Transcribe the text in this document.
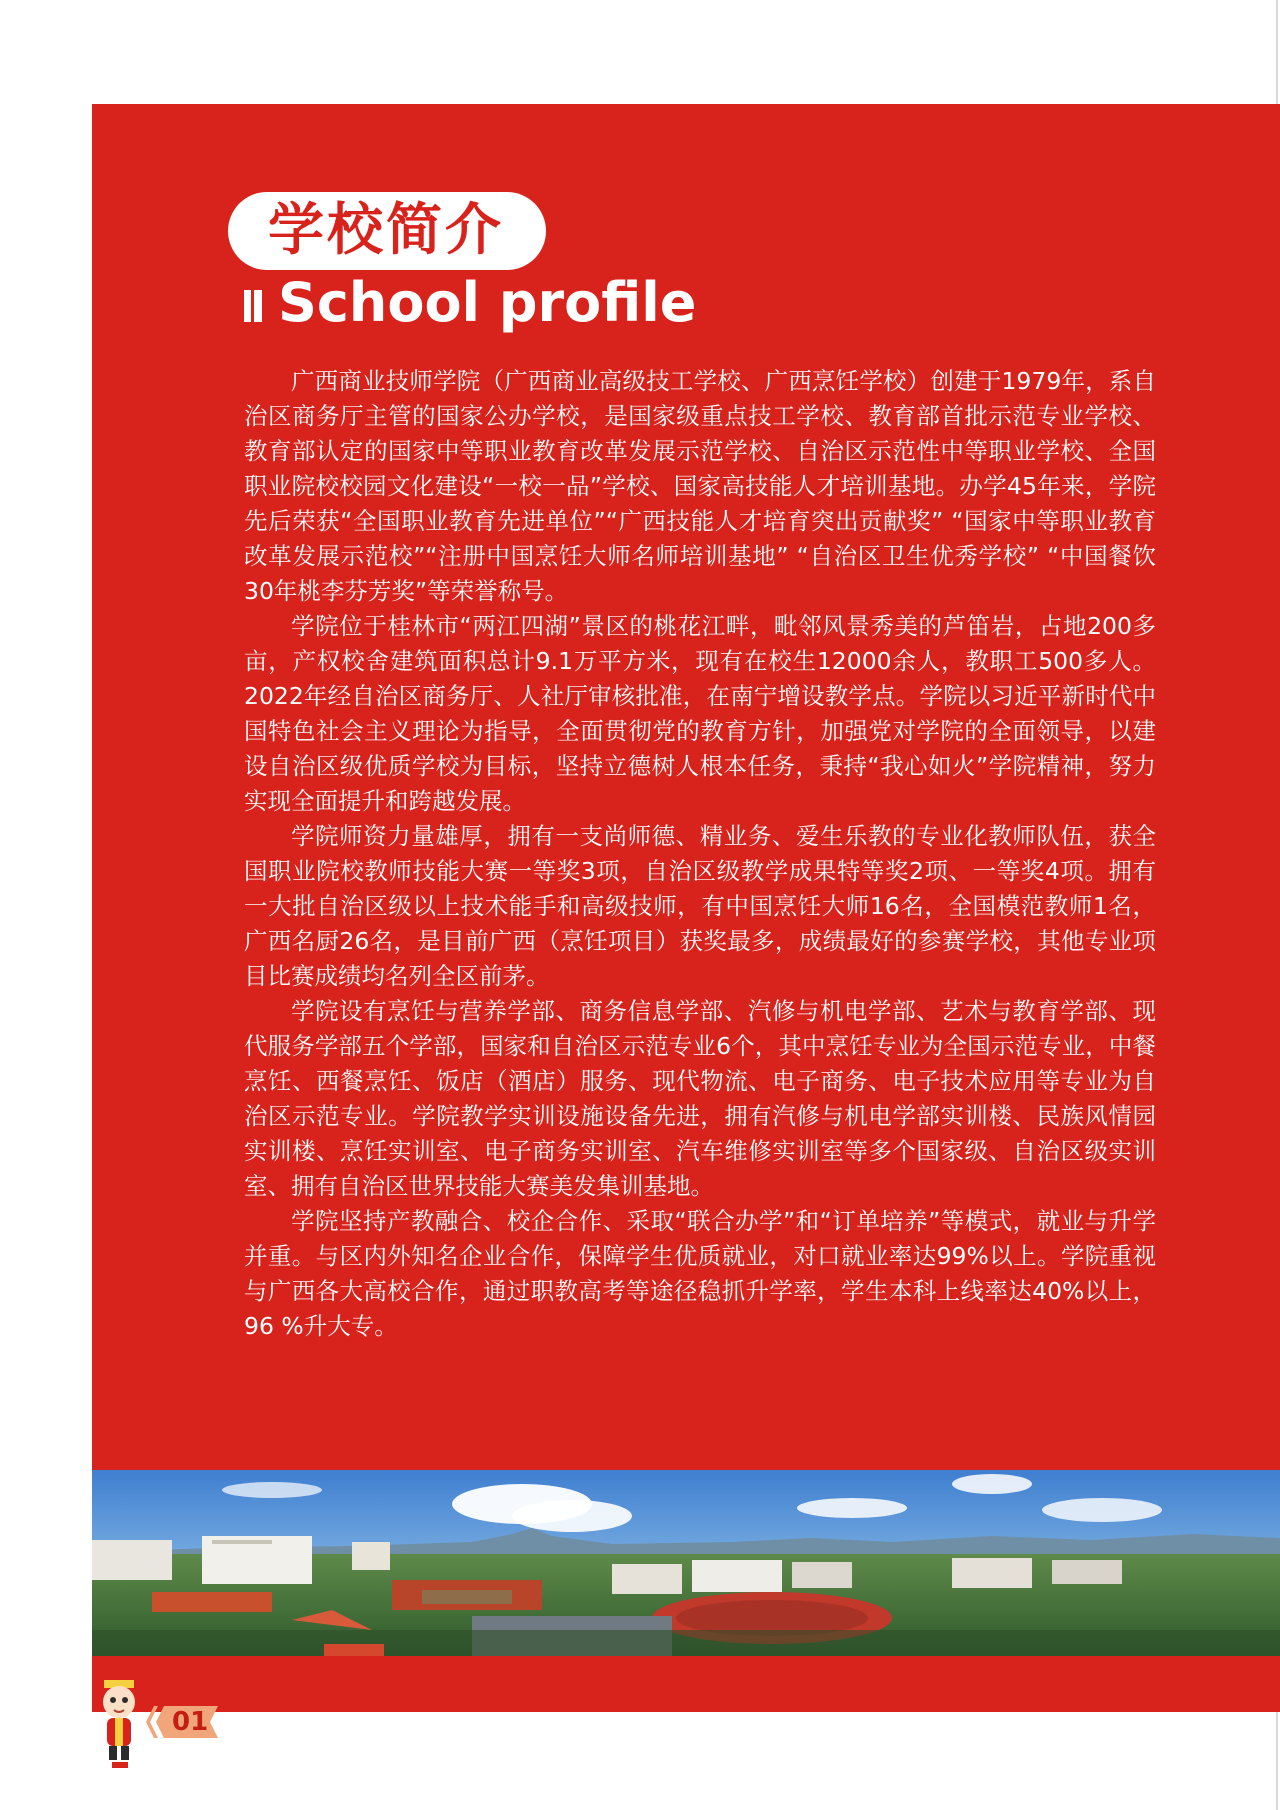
学校简介
School profile

广西商业技师学院（广西商业高级技工学校、广西烹饪学校）创建于1979年，系自治区商务厅主管的国家公办学校，是国家级重点技工学校、教育部首批示范专业学校、教育部认定的国家中等职业教育改革发展示范学校、自治区示范性中等职业学校、全国职业院校校园文化建设“一校一品”学校、国家高技能人才培训基地。办学45年来，学院先后荣获“全国职业教育先进单位”“广西技能人才培育突出贡献奖” “国家中等职业教育改革发展示范校”“注册中国烹饪大师名师培训基地” “自治区卫生优秀学校” “中国餐饮30年桃李芬芳奖”等荣誉称号。

学院位于桂林市“两江四湖”景区的桃花江畔，毗邻风景秀美的芦笛岩，占地200多亩，产权校舍建筑面积总计9.1万平方米，现有在校生12000余人，教职工500多人。2022年经自治区商务厅、人社厅审核批准，在南宁增设教学点。学院以习近平新时代中国特色社会主义理论为指导，全面贯彻党的教育方针，加强党对学院的全面领导，以建设自治区级优质学校为目标，坚持立德树人根本任务，秉持“我心如火”学院精神，努力实现全面提升和跨越发展。

学院师资力量雄厚，拥有一支尚师德、精业务、爱生乐教的专业化教师队伍，获全国职业院校教师技能大赛一等奖3项，自治区级教学成果特等奖2项、一等奖4项。拥有一大批自治区级以上技术能手和高级技师，有中国烹饪大师16名，全国模范教师1名，广西名厨26名，是目前广西（烹饪项目）获奖最多，成绩最好的参赛学校，其他专业项目比赛成绩均名列全区前茅。

学院设有烹饪与营养学部、商务信息学部、汽修与机电学部、艺术与教育学部、现代服务学部五个学部，国家和自治区示范专业6个，其中烹饪专业为全国示范专业，中餐烹饪、西餐烹饪、饭店（酒店）服务、现代物流、电子商务、电子技术应用等专业为自治区示范专业。学院教学实训设施设备先进，拥有汽修与机电学部实训楼、民族风情园实训楼、烹饪实训室、电子商务实训室、汽车维修实训室等多个国家级、自治区级实训室、拥有自治区世界技能大赛美发集训基地。

学院坚持产教融合、校企合作、采取“联合办学”和“订单培养”等模式，就业与升学并重。与区内外知名企业合作，保障学生优质就业，对口就业率达99%以上。学院重视与广西各大高校合作，通过职教高考等途径稳抓升学率，学生本科上线率达40%以上，96 %升大专。

01
